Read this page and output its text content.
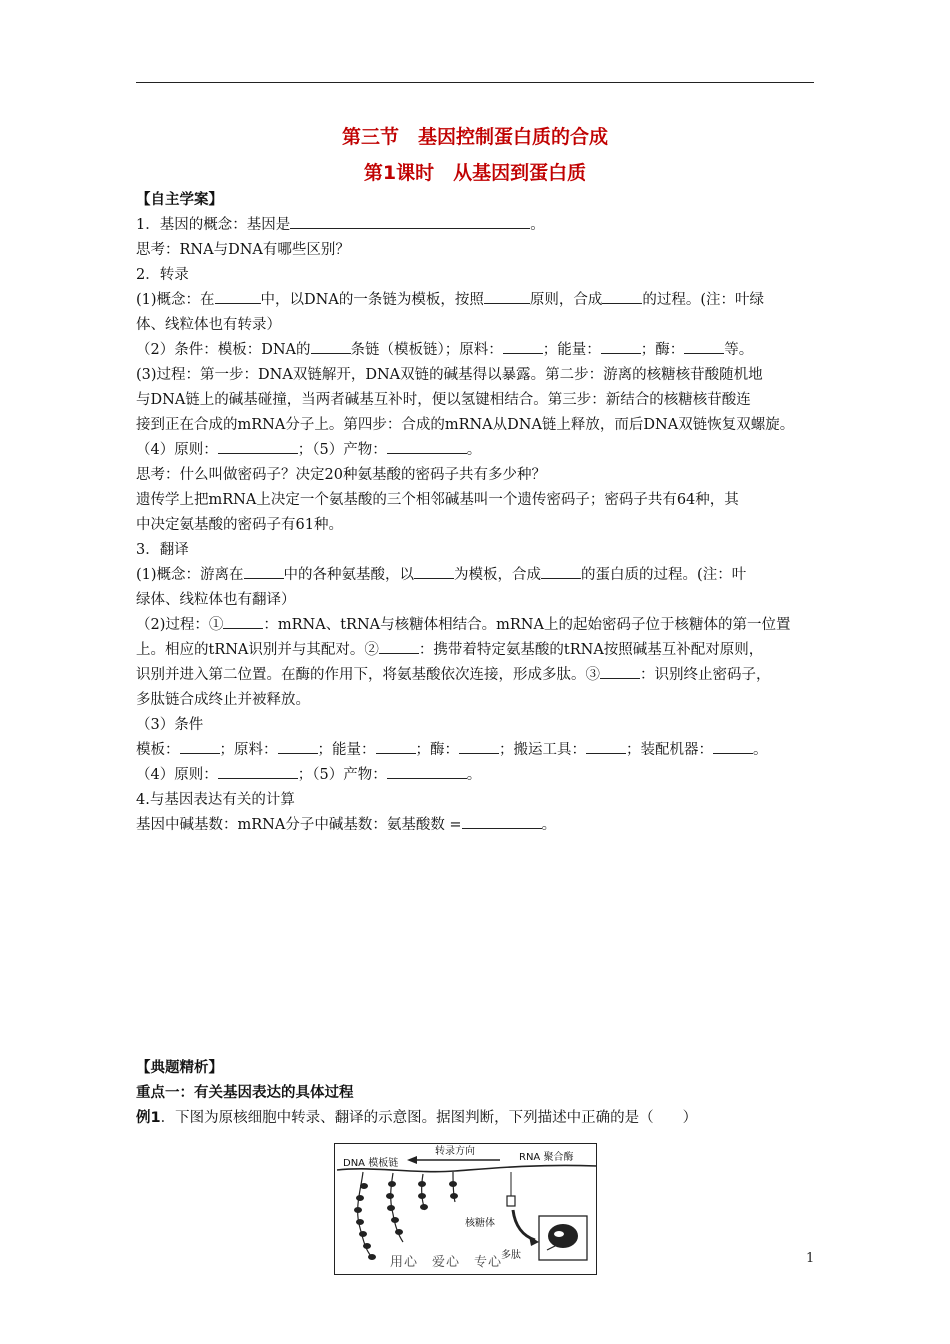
第三节　基因控制蛋白质的合成
第1课时　从基因到蛋白质

【自主学案】

1．基因的概念：基因是	。

思考：RNA与DNA有哪些区别？

2．转录

(1)概念：在	中，以DNA的一条链为模板，按照	原则，合成	的过程。(注：叶绿

体、线粒体也有转录）

（2）条件：模板：DNA的	条链（模板链）；原料：	；能量：	；酶：	等。

(3)过程：第一步：DNA双链解开，DNA双链的碱基得以暴露。第二步：游离的核糖核苷酸随机地

与DNA链上的碱基碰撞，当两者碱基互补时，便以氢键相结合。第三步：新结合的核糖核苷酸连

接到正在合成的mRNA分子上。第四步：合成的mRNA从DNA链上释放，而后DNA双链恢复双螺旋。

（4）原则：	；（5）产物：	。

思考：什么叫做密码子？决定20种氨基酸的密码子共有多少种？

遗传学上把mRNA上决定一个氨基酸的三个相邻碱基叫一个遗传密码子；密码子共有64种，其

中决定氨基酸的密码子有61种。

3．翻译

(1)概念：游离在	中的各种氨基酸，以	为模板，合成	的蛋白质的过程。(注：叶

绿体、线粒体也有翻译）

（2)过程：①	：mRNA、tRNA与核糖体相结合。mRNA上的起始密码子位于核糖体的第一位置

上。相应的tRNA识别并与其配对。②	：携带着特定氨基酸的tRNA按照碱基互补配对原则，

识别并进入第二位置。在酶的作用下，将氨基酸依次连接，形成多肽。③	：识别终止密码子，

多肽链合成终止并被释放。

（3）条件

模板：	；原料：	；能量：	；酶：	；搬运工具：	；装配机器：	。

（4）原则：	；（5）产物：	。

4.与基因表达有关的计算

基因中碱基数：mRNA分子中碱基数：氨基酸数 =	。

【典题精析】

重点一：有关基因表达的具体过程

例1．下图为原核细胞中转录、翻译的示意图。据图判断，下列描述中正确的是（　　）

转录方向
DNA 模板链
RNA 聚合酶
核糖体
多肽
用心　爱心　专心	1
